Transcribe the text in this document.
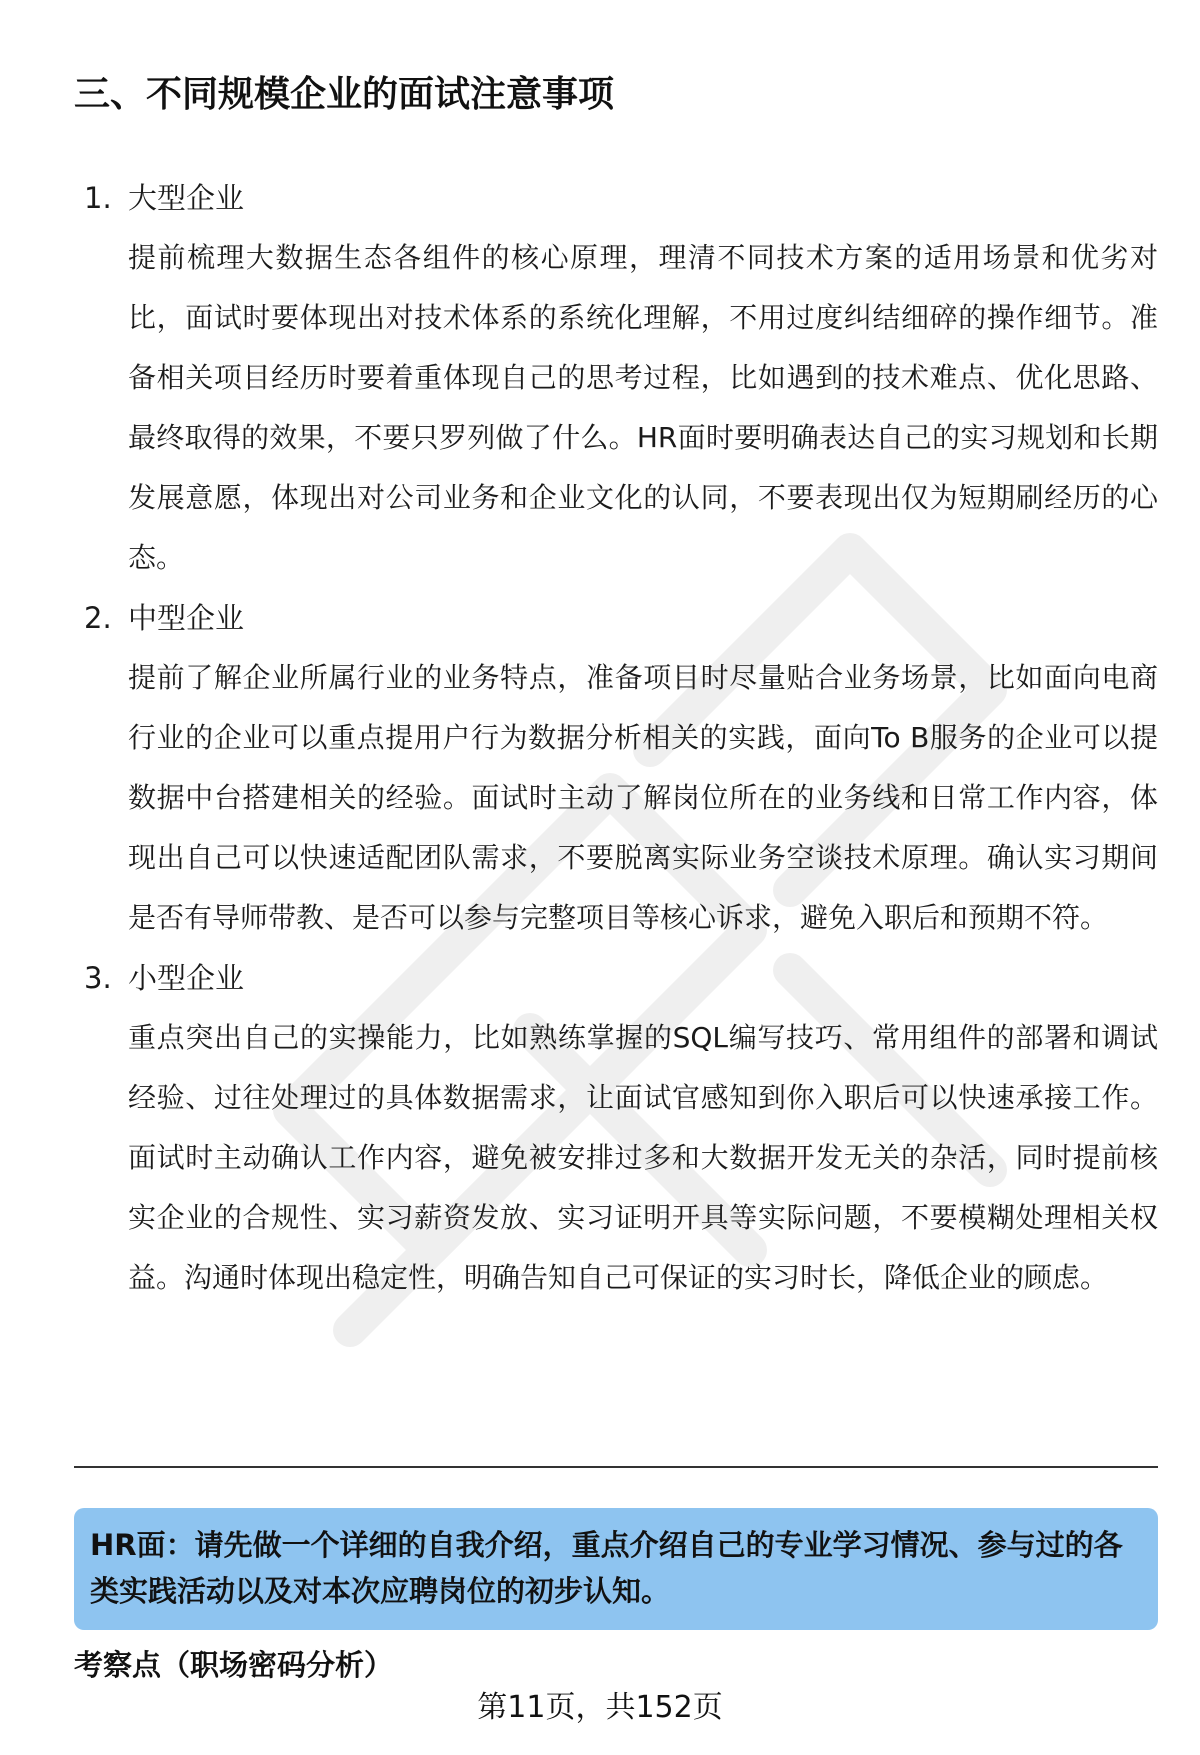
三、不同规模企业的面试注意事项
1. 大型企业

提前梳理大数据生态各组件的核心原理，理清不同技术方案的适用场景和优劣对比，面试时要体现出对技术体系的系统化理解，不用过度纠结细碎的操作细节。准备相关项目经历时要着重体现自己的思考过程，比如遇到的技术难点、优化思路、最终取得的效果，不要只罗列做了什么。HR面时要明确表达自己的实习规划和长期发展意愿，体现出对公司业务和企业文化的认同，不要表现出仅为短期刷经历的心态。

2. 中型企业

提前了解企业所属行业的业务特点，准备项目时尽量贴合业务场景，比如面向电商行业的企业可以重点提用户行为数据分析相关的实践，面向To B服务的企业可以提数据中台搭建相关的经验。面试时主动了解岗位所在的业务线和日常工作内容，体现出自己可以快速适配团队需求，不要脱离实际业务空谈技术原理。确认实习期间是否有导师带教、是否可以参与完整项目等核心诉求，避免入职后和预期不符。

3. 小型企业

重点突出自己的实操能力，比如熟练掌握的SQL编写技巧、常用组件的部署和调试经验、过往处理过的具体数据需求，让面试官感知到你入职后可以快速承接工作。面试时主动确认工作内容，避免被安排过多和大数据开发无关的杂活，同时提前核实企业的合规性、实习薪资发放、实习证明开具等实际问题，不要模糊处理相关权益。沟通时体现出稳定性，明确告知自己可保证的实习时长，降低企业的顾虑。

HR面：请先做一个详细的自我介绍，重点介绍自己的专业学习情况、参与过的各类实践活动以及对本次应聘岗位的初步认知。
考察点（职场密码分析）
第11页，共152页
